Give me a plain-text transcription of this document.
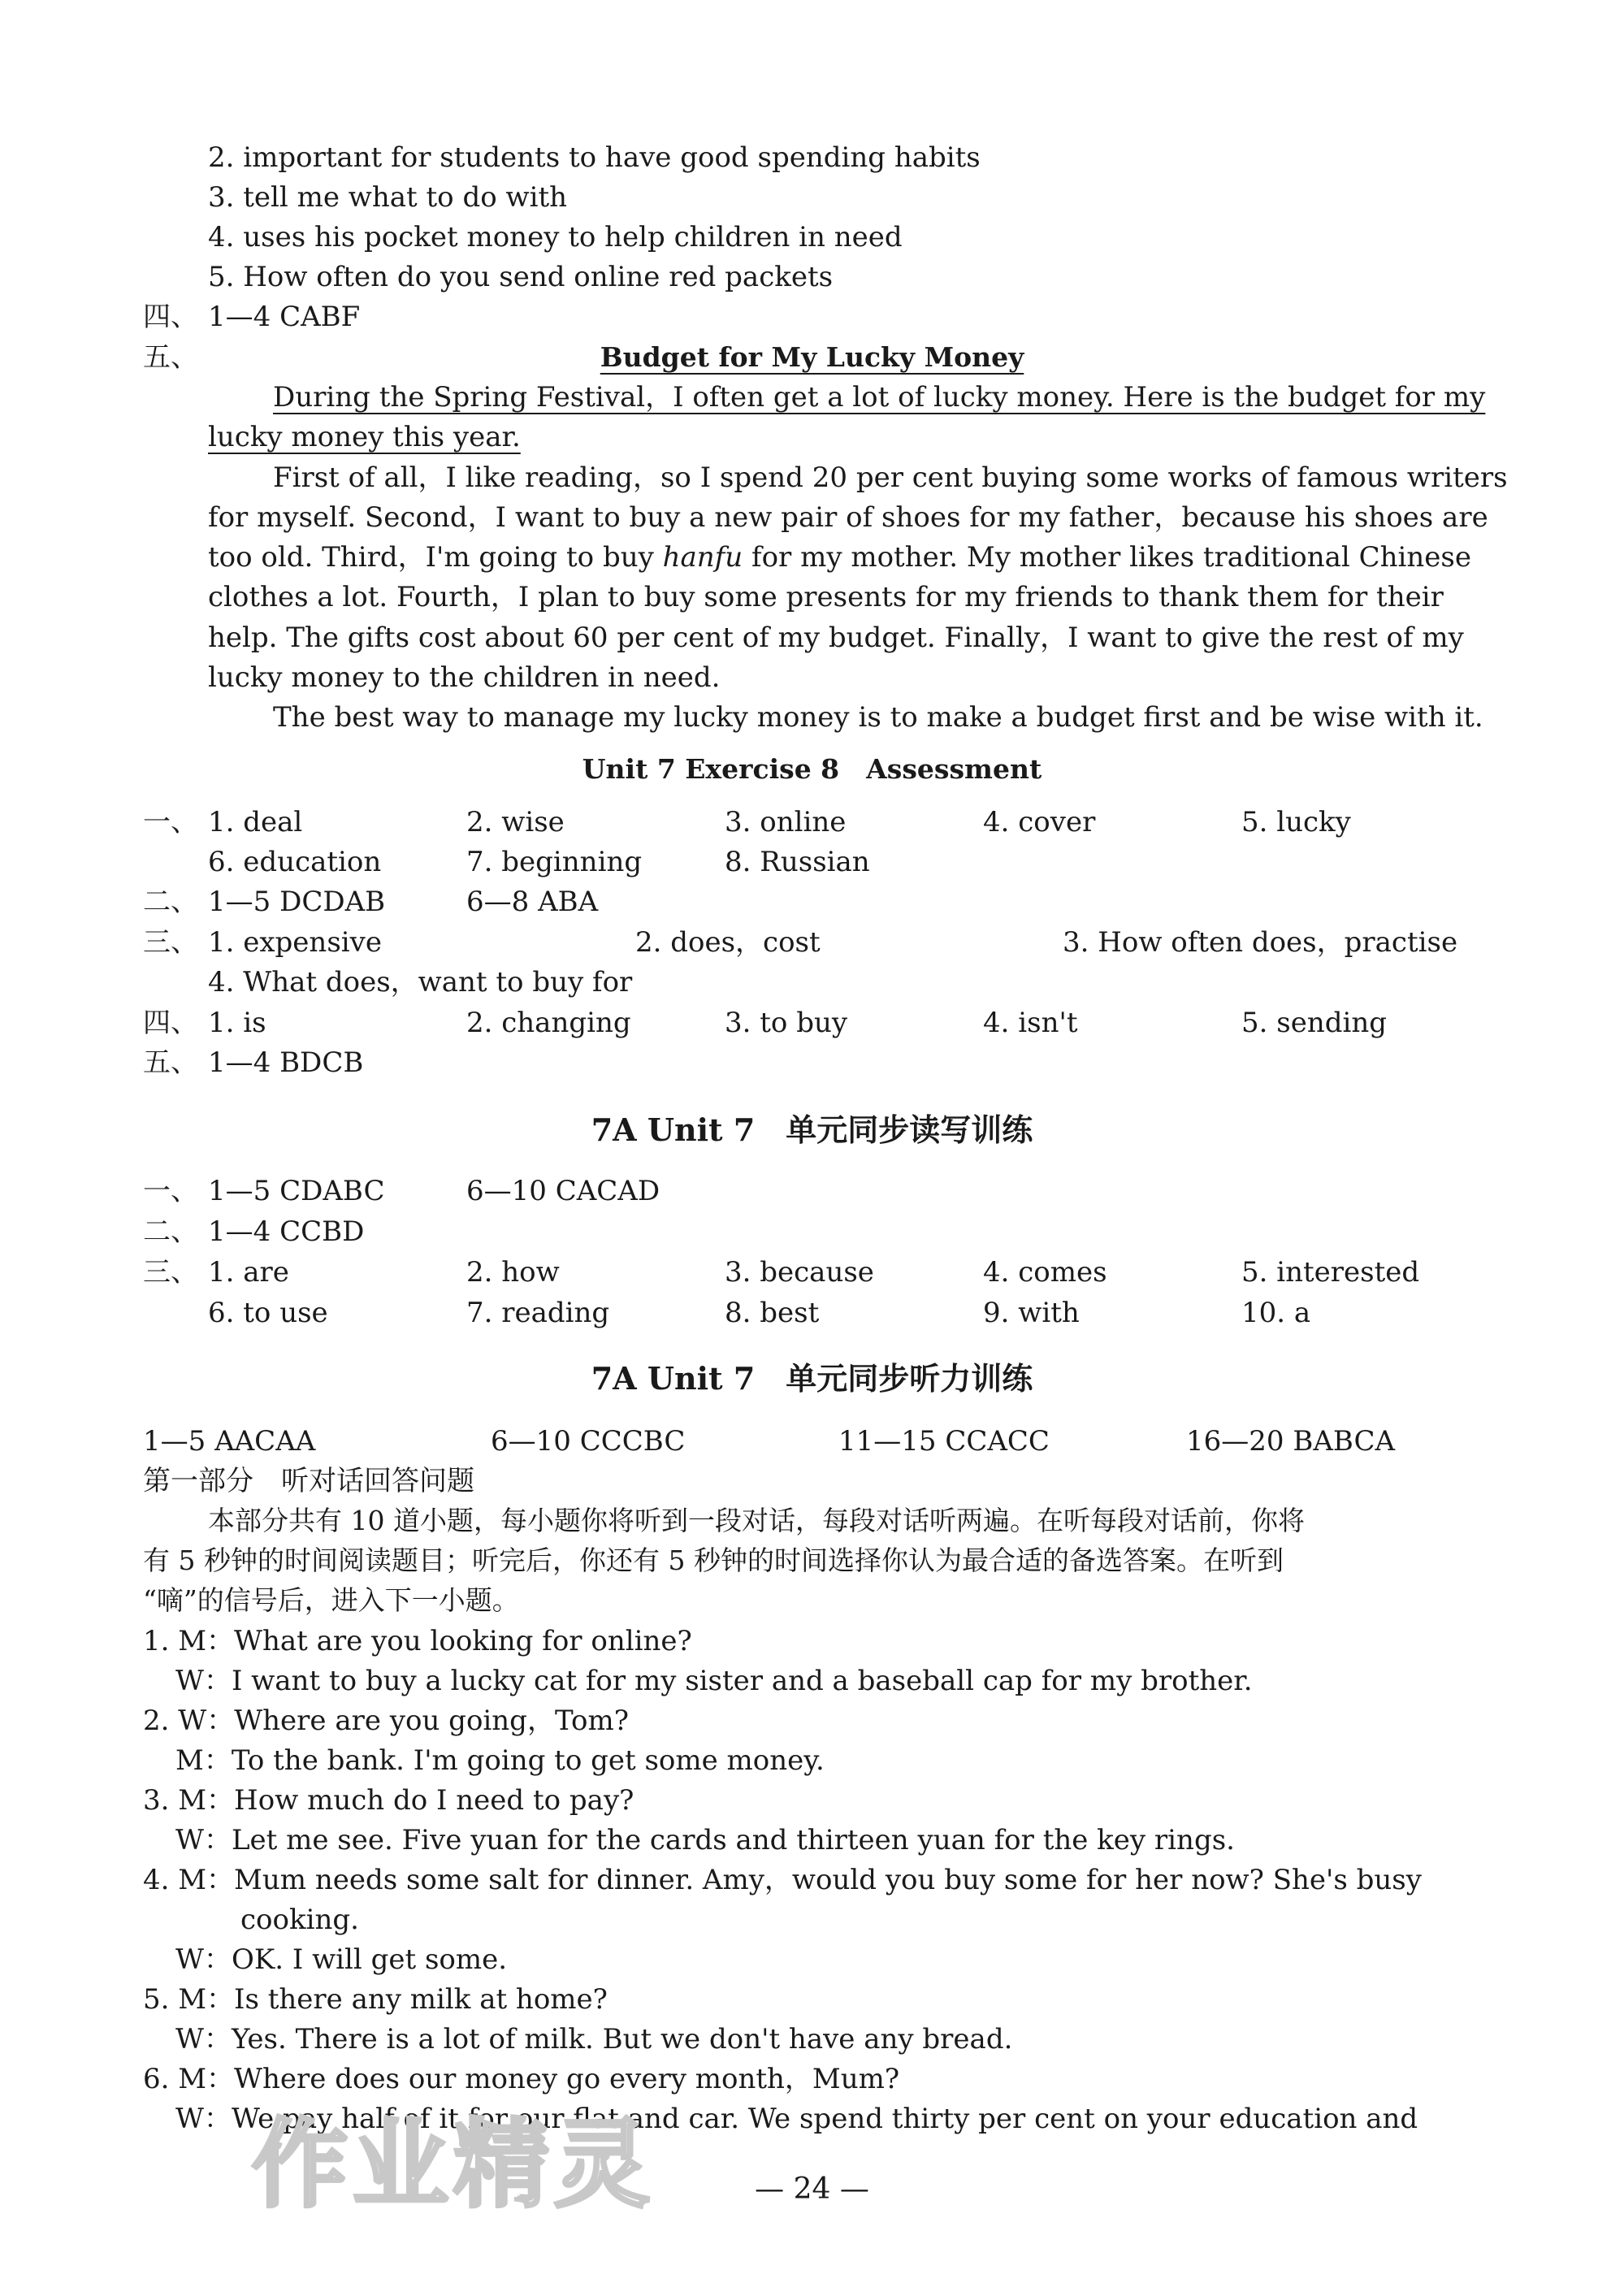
2. important for students to have good spending habits
3. tell me what to do with
4. uses his pocket money to help children in need
5. How often do you send online red packets
四、 1—4 CABF
五、	Budget for My Lucky Money
During the Spring Festival，I often get a lot of lucky money. Here is the budget for my
lucky money this year.
First of all，I like reading，so I spend 20 per cent buying some works of famous writers
for myself. Second，I want to buy a new pair of shoes for my father，because his shoes are
too old. Third，I'm going to buy hanfu for my mother. My mother likes traditional Chinese
clothes a lot. Fourth，I plan to buy some presents for my friends to thank them for their
help. The gifts cost about 60 per cent of my budget. Finally，I want to give the rest of my
lucky money to the children in need.
The best way to manage my lucky money is to make a budget first and be wise with it.
Unit 7 Exercise 8　Assessment
一、 1. deal	2. wise	3. online	4. cover	5. lucky
6. education	7. beginning	8. Russian
二、 1—5 DCDAB	6—8 ABA
三、 1. expensive	2. does，cost	3. How often does，practise
4. What does，want to buy for
四、 1. is	2. changing	3. to buy	4. isn't	5. sending
五、 1—4 BDCB
7A Unit 7　单元同步读写训练
一、 1—5 CDABC	6—10 CACAD
二、 1—4 CCBD
三、 1. are	2. how	3. because	4. comes	5. interested
6. to use	7. reading	8. best	9. with	10. a
7A Unit 7　单元同步听力训练
1—5 AACAA	6—10 CCCBC	11—15 CCACC	16—20 BABCA
第一部分　听对话回答问题
本部分共有 10 道小题，每小题你将听到一段对话，每段对话听两遍。在听每段对话前，你将
有 5 秒钟的时间阅读题目；听完后，你还有 5 秒钟的时间选择你认为最合适的备选答案。在听到
“嘀”的信号后，进入下一小题。
1. M：What are you looking for online?
W：I want to buy a lucky cat for my sister and a baseball cap for my brother.
2. W：Where are you going，Tom?
M：To the bank. I'm going to get some money.
3. M：How much do I need to pay?
W：Let me see. Five yuan for the cards and thirteen yuan for the key rings.
4. M：Mum needs some salt for dinner. Amy，would you buy some for her now? She's busy
cooking.
W：OK. I will get some.
5. M：Is there any milk at home?
W：Yes. There is a lot of milk. But we don't have any bread.
6. M：Where does our money go every month，Mum?
W：We pay half of it for our flat and car. We spend thirty per cent on your education and
作业精灵	— 24 —
